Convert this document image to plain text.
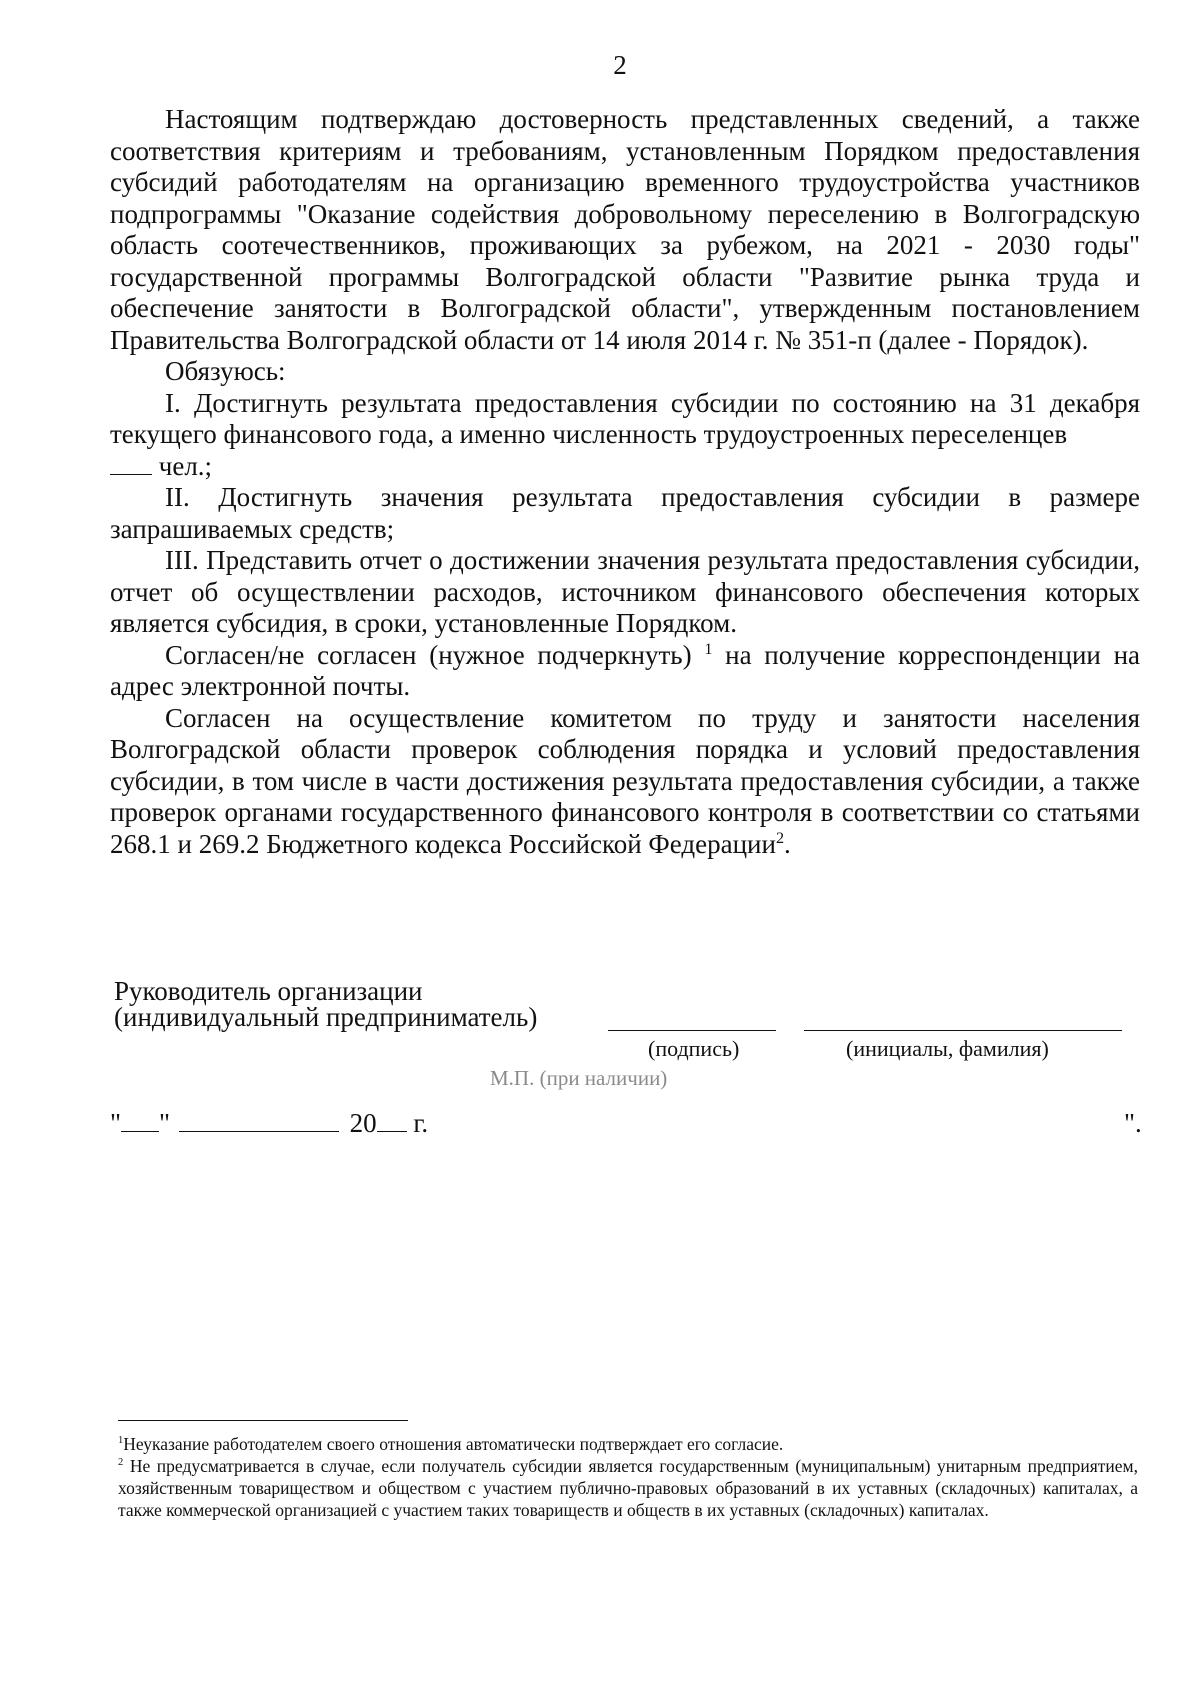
2

Настоящим подтверждаю достоверность представленных сведений, а также соответствия критериям и требованиям, установленным Порядком предоставления субсидий работодателям на организацию временного трудоустройства участников подпрограммы "Оказание содействия добровольному переселению в Волгоградскую область соотечественников, проживающих за рубежом, на 2021 - 2030 годы" государственной программы Волгоградской области "Развитие рынка труда и обеспечение занятости в Волгоградской области", утвержденным постановлением Правительства Волгоградской области от 14 июля 2014 г. № 351-п (далее - Порядок).

Обязуюсь:

I. Достигнуть результата предоставления субсидии по состоянию на 31 декабря текущего финансового года, а именно численность трудоустроенных переселенцев

чел.;

II. Достигнуть значения результата предоставления субсидии в размере запрашиваемых средств;

III. Представить отчет о достижении значения результата предоставления субсидии, отчет об осуществлении расходов, источником финансового обеспечения которых является субсидия, в сроки, установленные Порядком.

Согласен/не согласен (нужное подчеркнуть) $^1$ на получение корреспонденции на адрес электронной почты.

Согласен на осуществление комитетом по труду и занятости населения Волгоградской области проверок соблюдения порядка и условий предоставления субсидии, в том числе в части достижения результата предоставления субсидии, а также проверок органами государственного финансового контроля в соответствии со статьями 268.1 и 269.2 Бюджетного кодекса Российской Федерации$^2$.

Руководитель организации
(индивидуальный предприниматель)
(подпись)	(инициалы, фамилия)
М.П. (при наличии)
" "	20 г.	".

$^1$Неуказание работодателем своего отношения автоматически подтверждает его согласие.

$^2$ Не предусматривается в случае, если получатель субсидии является государственным (муниципальным) унитарным предприятием, хозяйственным товариществом и обществом с участием публично-правовых образований в их уставных (складочных) капиталах, а также коммерческой организацией с участием таких товариществ и обществ в их уставных (складочных) капиталах.
